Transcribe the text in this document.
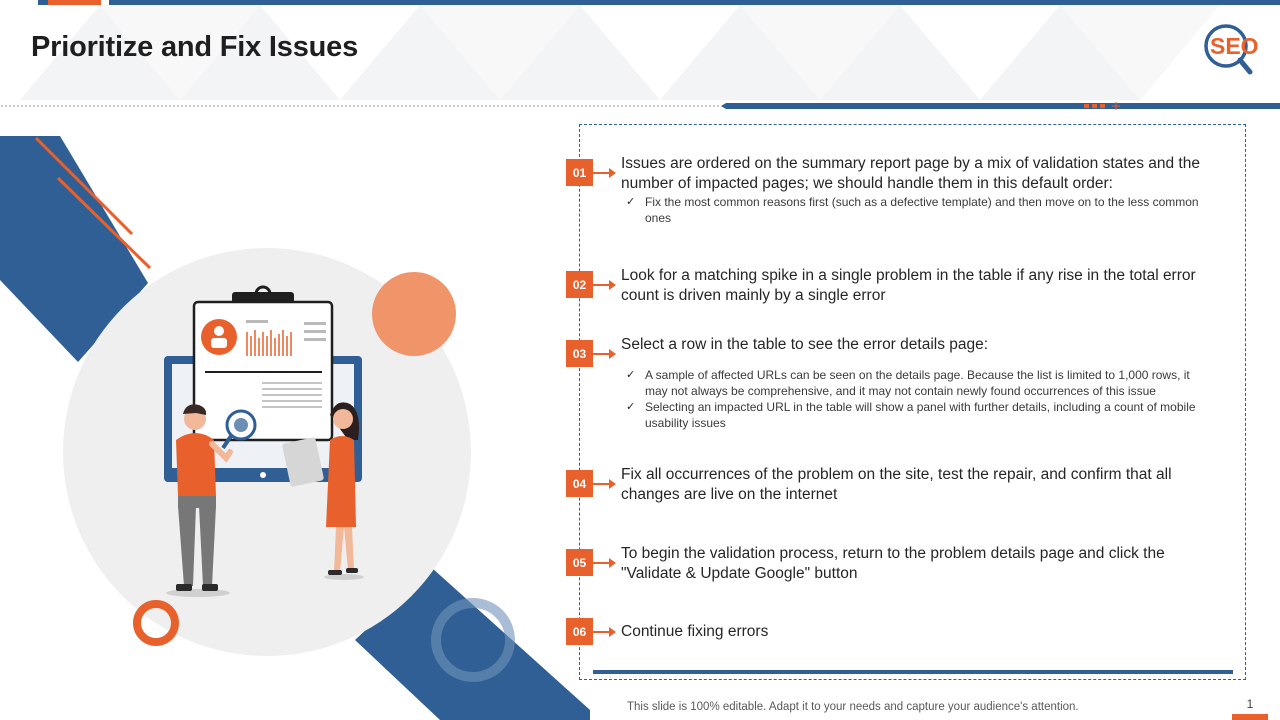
Prioritize and Fix Issues	SEO
01
Issues are ordered on the summary report page by a mix of validation states and the number of impacted pages; we should handle them in this default order:
✓ Fix the most common reasons first (such as a defective template) and then move on to the less common ones
02
Look for a matching spike in a single problem in the table if any rise in the total error count is driven mainly by a single error
03
Select a row in the table to see the error details page:
✓ A sample of affected URLs can be seen on the details page. Because the list is limited to 1,000 rows, it may not always be comprehensive, and it may not contain newly found occurrences of this issue
✓ Selecting an impacted URL in the table will show a panel with further details, including a count of mobile usability issues
04
Fix all occurrences of the problem on the site, test the repair, and confirm that all changes are live on the internet
05
To begin the validation process, return to the problem details page and click the "Validate & Update Google" button
06	Continue fixing errors
This slide is 100% editable. Adapt it to your needs and capture your audience's attention.	1
